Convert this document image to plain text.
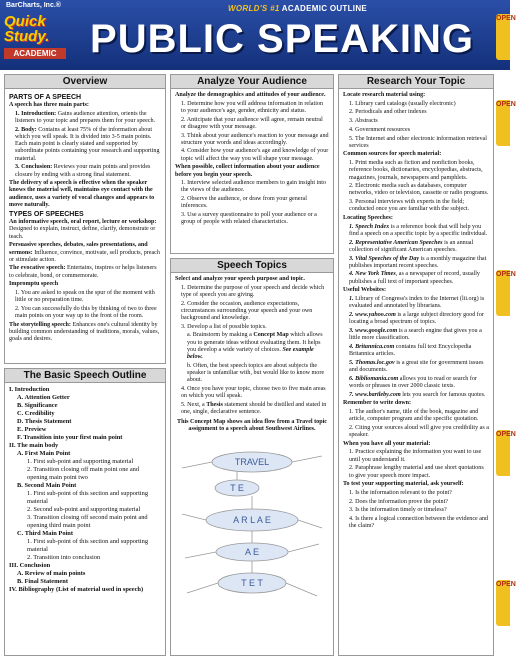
BarCharts, Inc.®	WORLD'S #1 ACADEMIC OUTLINE
Quick
Study.
ACADEMIC PUBLIC SPEAKING	OPEN
OPEN
OPEN
OPEN
OPEN
Overview
PARTS OF A SPEECH

A speech has three main parts:

1. Introduction: Gains audience attention, orients the listeners to your topic and prepares them for your speech.

2. Body: Contains at least 75% of the information about which you will speak. It is divided into 3-5 main points. Each main point is clearly stated and supported by subordinate points containing your research and supporting material.

3. Conclusion: Reviews your main points and provides closure by ending with a strong final statement.

The delivery of a speech is effective when the speaker knows the material well, maintains eye contact with the audience, uses a variety of vocal changes and appears to move naturally.

TYPES OF SPEECHES

An informative speech, oral report, lecture or workshop: Designed to explain, instruct, define, clarify, demonstrate or teach.

Persuasive speeches, debates, sales presentations, and sermons: Influence, convince, motivate, sell products, preach or stimulate action.

The evocative speech: Entertains, inspires or helps listeners to celebrate, bond, or commemorate.

Impromptu speech

1. You are asked to speak on the spur of the moment with little or no preparation time.

2. You can successfully do this by thinking of two to three main points on your way up to the front of the room.

The storytelling speech: Enhances one's cultural identity by building common understanding of traditions, morals, values, goals and desires.

The Basic Speech Outline
I. Introduction
A. Attention Getter
B. Significance
C. Credibility
D. Thesis Statement
E. Preview
F. Transition into your first main point
II. The main body
A. First Main Point
1. First sub-point and supporting material
2. Transition closing off main point one and opening main point two
B. Second Main Point
1. First sub-point of this section and supporting material
2. Second sub-point and supporting material
3. Transition closing off second main point and opening third main point
C. Third Main Point
1. First sub-point of this section and supporting material
2. Transition into conclusion
III. Conclusion
A. Review of main points
B. Final Statement
IV. Bibliography (List of material used in speech)
Analyze Your Audience

Analyze the demographics and attitudes of your audience.

1. Determine how you will address information in relation to your audience's age, gender, ethnicity and status.

2. Anticipate that your audience will agree, remain neutral or disagree with your message.

3. Think about your audience's reaction to your message and structure your words and ideas accordingly.

4. Consider how your audience's age and knowledge of your topic will affect the way you will shape your message.

When possible, collect information about your audience before you begin your speech.

1. Interview selected audience members to gain insight into the views of the audience.

2. Observe the audience, or draw from your general inferences.

3. Use a survey questionnaire to poll your audience or a group of people with related characteristics.

Speech Topics

Select and analyze your speech purpose and topic.

1. Determine the purpose of your speech and decide which type of speech you are giving.

2. Consider the occasion, audience expectations, circumstances surrounding your speech and your own background and knowledge.

3. Develop a list of possible topics.

a. Brainstorm by making a Concept Map which allows you to generate ideas without evaluating them. It helps you develop a wide variety of choices. See example below.

b. Often, the best speech topics are about subjects the speaker is unfamiliar with, but would like to know more about.

4. Once you have your topic, choose two to five main areas on which you will speak.

5. Next, a Thesis statement should be distilled and stated in one, single, declarative sentence.

This Concept Map shows an idea flow from a Travel topic assignment to a speech about Southwest Airlines.

TRAVEL
T E
A R L A E
A E
T E T
Research Your Topic

Locate research material using:

1. Library card catalogs (usually electronic)

2. Periodicals and other indexes

3. Abstracts

4. Government resources

5. The Internet and other electronic information retrieval services

Common sources for speech material:

1. Print media such as fiction and nonfiction books, reference books, dictionaries, encyclopedias, abstracts, magazines, journals, newspapers and pamphlets.

2. Electronic media such as databases, computer networks, video or television, cassette or radio programs.

3. Personal interviews with experts in the field; conducted once you are familiar with the subject.

Locating Speeches:

1. Speech Index is a reference book that will help you find a speech on a specific topic by a specific individual.

2. Representative American Speeches is an annual collection of significant American speeches.

3. Vital Speeches of the Day is a monthly magazine that publishes important recent speeches.

4. New York Times, as a newspaper of record, usually publishes a full text of important speeches.

Useful Websites:

1. Library of Congress's index to the Internet (lii.org) is evaluated and annotated by librarians.

2. www.yahoo.com is a large subject directory good for locating a broad spectrum of topics.

3. www.google.com is a search engine that gives you a little more classification.

4. Britannica.com contains full text Encyclopedia Britannica articles.

5. Thomas.loc.gov is a great site for government issues and documents.

6. Bibliomania.com allows you to read or search for words or phrases in over 2000 classic texts.

7. www.bartleby.com lets you search for famous quotes.

Remember to write down:

1. The author's name, title of the book, magazine and article, computer program and the specific quotation.

2. Citing your sources aloud will give you credibility as a speaker.

When you have all your material:

1. Practice explaining the information you want to use until you understand it.

2. Paraphrase lengthy material and use short quotations to give your speech more impact.

To test your supporting material, ask yourself:

1. Is the information relevant to the point?

2. Does the information prove the point?

3. Is the information timely or timeless?

4. Is there a logical connection between the evidence and the claim?
